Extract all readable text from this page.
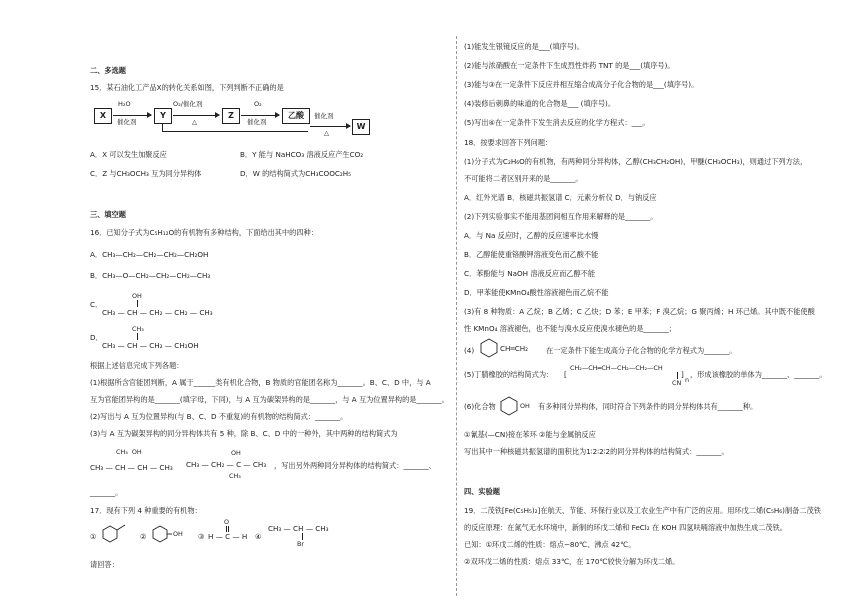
二、多选题
15．某石油化工产品X的转化关系如图，下列判断不正确的是
X
H₂O
催化剂
Y
O₂/催化剂
△
Z
O₂
催化剂
乙酸	催化剂
△
W
A．X 可以发生加聚反应	B．Y 能与 NaHCO₃ 溶液反应产生CO₂
C．Z 与CH₃OCH₃ 互为同分异构体	D．W 的结构简式为CH₃COOC₂H₅
三、填空题
16．已知分子式为C₅H₁₂O的有机物有多种结构，下面给出其中的四种：
A．CH₃—CH₂—CH₂—CH₂—CH₂OH
B．CH₃—O—CH₂—CH₂—CH₂—CH₃
C．
OH
CH₃ — CH — CH₂ — CH₂ — CH₃
D．
CH₃
CH₃ — CH — CH₂ — CH₂OH
根据上述信息完成下列各题：
(1)根据所含官能团判断，A 属于______类有机化合物，B 物质的官能团名称为_______。B、C、D 中，与 A
互为官能团异构的是_______(填字母，下同)，与 A 互为碳架异构的是_______，与 A 互为位置异构的是_______。
(2)写出与 A 互为位置异构(与 B、C、D 不重复)的有机物的结构简式：_______。
(3)与 A 互为碳架异构的同分异构体共有 5 种，除 B、C、D 中的一种外，其中两种的结构简式为
CH₃ OH
CH₃ — CH — CH — CH₃
OH
CH₃ — CH₂ — C — CH₃
CH₃
，写出另外两种同分异构体的结构简式：_______、
_______。
17．现有下列 4 种重要的有机物：
①	②	OH ③
O
H — C — H ④
CH₃ — CH — CH₃
Br
请回答：
(1)能发生银镜反应的是___(填序号)。
(2)能与浓硝酸在一定条件下生成烈性炸药 TNT 的是___(填序号)。
(3)能与③在一定条件下反应并相互缩合成高分子化合物的是___(填序号)。
(4)装修后刺鼻的味道的化合物是___ (填序号)。
(5)写出④在一定条件下发生消去反应的化学方程式：___。
18．按要求回答下列问题：
(1)分子式为C₂H₆O的有机物，有两种同分异构体，乙醇(CH₃CH₂OH)，甲醚(CH₃OCH₃)，则通过下列方法，
不可能将二者区别开来的是_______。
A．红外光谱 B．核磁共振氢谱 C．元素分析仪 D．与钠反应
(2)下列实验事实不能用基团间相互作用来解释的是_______。
A．与 Na 反应时，乙醇的反应速率比水慢
B．乙醇能使重铬酸钾溶液变色而乙酸不能
C．苯酚能与 NaOH 溶液反应而乙醇不能
D．甲苯能使KMnO₄酸性溶液褪色而乙烷不能
(3)有 8 种物质：A 乙烷；B 乙烯；C 乙炔；D 苯；E 甲苯；F 溴乙烷；G 聚丙烯；H 环己烯。其中既不能使酸
性 KMnO₄ 溶液褪色，也不能与溴水反应使溴水褪色的是_______；
(4)	CH═CH₂ 在一定条件下能生成高分子化合物的化学方程式为_______。
(5)丁腈橡胶的结构简式为： [
CH₂—CH═CH—CH₂—CH₂—CH
CN
]
n
，形成该橡胶的单体为_______、_______。
(6)化合物	OH 有多种同分异构体，同时符合下列条件的同分异构体共有_______种。
①氰基(—CN)接在苯环 ②能与金属钠反应
写出其中一种核磁共振氢谱的面积比为1∶2∶2∶2的同分异构体的结构简式：_______。
四、实验题
19．二茂铁[Fe(C₅H₅)₂]在航天、节能、环保行业以及工农业生产中有广泛的应用。用环戊二烯(C₅H₆)制备二茂铁
的反应原理：在氮气无水环境中，新制的环戊二烯和 FeCl₂ 在 KOH 四氢呋喃溶液中加热生成二茂铁。
已知：①环戊二烯的性质：熔点−80℃、沸点 42℃。
②双环戊二烯的性质：熔点 33℃，在 170℃较快分解为环戊二烯。
